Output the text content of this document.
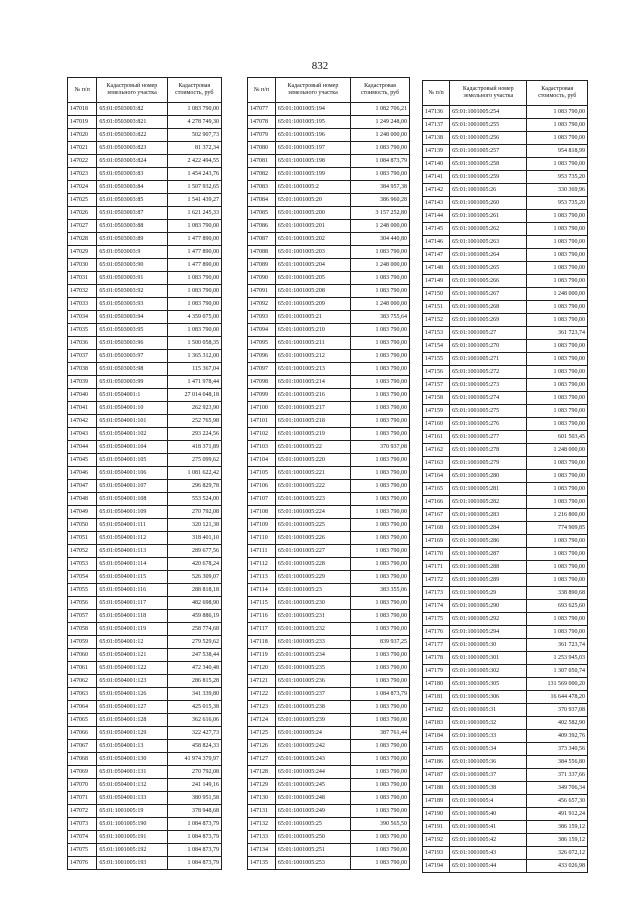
832
№ п/п	Кадастровый номер земельного участка	Кадастровая стоимость, руб
147018	65:01:0503003:82	1 083 790,00
147019	65:01:0503003:821	4 278 749,30
147020	65:01:0503003:822	502 907,73
147021	65:01:0503003:823	81 372,34
147022	65:01:0503003:824	2 422 494,55
147023	65:01:0503003:83	1 454 243,76
147024	65:01:0503003:84	1 507 932,65
147025	65:01:0503003:85	1 541 439,27
147026	65:01:0503003:87	1 621 245,33
147027	65:01:0503003:88	1 083 790,00
147028	65:01:0503003:89	1 477 890,00
147029	65:01:0503003:9	1 477 890,00
147030	65:01:0503003:90	1 477 890,00
147031	65:01:0503003:91	1 083 790,00
147032	65:01:0503003:92	1 083 790,00
147033	65:01:0503003:93	1 083 790,00
147034	65:01:0503003:94	4 359 075,00
147035	65:01:0503003:95	1 083 790,00
147036	65:01:0503003:96	1 500 058,35
147037	65:01:0503003:97	1 365 312,00
147038	65:01:0503003:98	115 367,04
147039	65:01:0503003:99	1 471 978,44
147040	65:01:0504001:1	27 014 048,18
147041	65:01:0504001:10	262 923,90
147042	65:01:0504001:101	252 765,98
147043	65:01:0504001:102	293 224,56
147044	65:01:0504001:104	418 371,89
147045	65:01:0504001:105	275 099,62
147046	65:01:0504001:106	1 081 622,42
147047	65:01:0504001:107	296 829,78
147048	65:01:0504001:108	553 524,00
147049	65:01:0504001:109	270 792,08
147050	65:01:0504001:111	320 121,38
147051	65:01:0504001:112	318 401,10
147052	65:01:0504001:113	289 677,56
147053	65:01:0504001:114	420 678,24
147054	65:01:0504001:115	526 309,07
147055	65:01:0504001:116	288 818,18
147056	65:01:0504001:117	482 698,90
147057	65:01:0504001:118	459 886,19
147058	65:01:0504001:119	258 774,68
147059	65:01:0504001:12	279 529,62
147060	65:01:0504001:121	247 538,44
147061	65:01:0504001:122	472 340,48
147062	65:01:0504001:123	286 815,28
147063	65:01:0504001:126	341 339,80
147064	65:01:0504001:127	425 015,38
147065	65:01:0504001:128	362 616,06
147066	65:01:0504001:129	322 427,73
147067	65:01:0504001:13	458 824,33
147068	65:01:0504001:130	41 974 379,97
147069	65:01:0504001:131	270 792,08
147070	65:01:0504001:132	241 149,16
147071	65:01:0504001:133	380 951,58
147072	65:01:1001005:19	378 948,68
147073	65:01:1001005:190	1 084 873,79
147074	65:01:1001005:191	1 084 873,79
147075	65:01:1001005:192	1 084 873,79
147076	65:01:1001005:193	1 084 873,79
№ п/п	Кадастровый номер земельного участка	Кадастровая стоимость, руб
147077	65:01:1001005:194	1 082 706,21
147078	65:01:1001005:195	1 249 248,00
147079	65:01:1001005:196	1 248 000,00
147080	65:01:1001005:197	1 083 790,00
147081	65:01:1001005:198	1 084 873,79
147082	65:01:1001005:199	1 083 790,00
147083	65:01:1001005:2	384 957,38
147084	65:01:1001005:20	386 960,28
147085	65:01:1001005:200	3 157 252,80
147086	65:01:1001005:201	1 248 000,00
147087	65:01:1001005:202	304 440,80
147088	65:01:1001005:203	1 083 790,00
147089	65:01:1001005:204	1 248 000,00
147090	65:01:1001005:205	1 083 790,00
147091	65:01:1001005:208	1 083 790,00
147092	65:01:1001005:209	1 248 000,00
147093	65:01:1001005:21	383 755,64
147094	65:01:1001005:210	1 083 790,00
147095	65:01:1001005:211	1 083 790,00
147096	65:01:1001005:212	1 083 790,00
147097	65:01:1001005:213	1 083 790,00
147098	65:01:1001005:214	1 083 790,00
147099	65:01:1001005:216	1 083 790,00
147100	65:01:1001005:217	1 083 790,00
147101	65:01:1001005:218	1 083 790,00
147102	65:01:1001005:219	1 083 790,00
147103	65:01:1001005:22	370 937,08
147104	65:01:1001005:220	1 083 790,00
147105	65:01:1001005:221	1 083 790,00
147106	65:01:1001005:222	1 083 790,00
147107	65:01:1001005:223	1 083 790,00
147108	65:01:1001005:224	1 083 790,00
147109	65:01:1001005:225	1 083 790,00
147110	65:01:1001005:226	1 083 790,00
147111	65:01:1001005:227	1 083 790,00
147112	65:01:1001005:228	1 083 790,00
147113	65:01:1001005:229	1 083 790,00
147114	65:01:1001005:23	383 355,06
147115	65:01:1001005:230	1 083 790,00
147116	65:01:1001005:231	1 083 790,00
147117	65:01:1001005:232	1 083 790,00
147118	65:01:1001005:233	839 937,25
147119	65:01:1001005:234	1 083 790,00
147120	65:01:1001005:235	1 083 790,00
147121	65:01:1001005:236	1 083 790,00
147122	65:01:1001005:237	1 084 873,79
147123	65:01:1001005:238	1 083 790,00
147124	65:01:1001005:239	1 083 790,00
147125	65:01:1001005:24	387 761,44
147126	65:01:1001005:242	1 083 790,00
147127	65:01:1001005:243	1 083 790,00
147128	65:01:1001005:244	1 083 790,00
147129	65:01:1001005:245	1 083 790,00
147130	65:01:1001005:248	1 083 790,00
147131	65:01:1001005:249	1 083 790,00
147132	65:01:1001005:25	390 565,50
147133	65:01:1001005:250	1 083 790,00
147134	65:01:1001005:251	1 083 790,00
147135	65:01:1001005:253	1 083 790,00
№ п/п	Кадастровый номер земельного участка	Кадастровая стоимость, руб
147136	65:01:1001005:254	1 083 790,00
147137	65:01:1001005:255	1 083 790,00
147138	65:01:1001005:256	1 083 790,00
147139	65:01:1001005:257	954 818,99
147140	65:01:1001005:258	1 083 790,00
147141	65:01:1001005:259	953 735,20
147142	65:01:1001005:26	330 369,96
147143	65:01:1001005:260	953 735,20
147144	65:01:1001005:261	1 083 790,00
147145	65:01:1001005:262	1 083 790,00
147146	65:01:1001005:263	1 083 790,00
147147	65:01:1001005:264	1 083 790,00
147148	65:01:1001005:265	1 083 790,00
147149	65:01:1001005:266	1 083 790,00
147150	65:01:1001005:267	1 248 000,00
147151	65:01:1001005:268	1 083 790,00
147152	65:01:1001005:269	1 083 790,00
147153	65:01:1001005:27	361 723,74
147154	65:01:1001005:270	1 083 790,00
147155	65:01:1001005:271	1 083 790,00
147156	65:01:1001005:272	1 083 790,00
147157	65:01:1001005:273	1 083 790,00
147158	65:01:1001005:274	1 083 790,00
147159	65:01:1001005:275	1 083 790,00
147160	65:01:1001005:276	1 083 790,00
147161	65:01:1001005:277	601 503,45
147162	65:01:1001005:278	1 248 000,00
147163	65:01:1001005:279	1 083 790,00
147164	65:01:1001005:280	1 083 790,00
147165	65:01:1001005:281	1 083 790,00
147166	65:01:1001005:282	1 083 790,00
147167	65:01:1001005:283	1 216 800,00
147168	65:01:1001005:284	774 909,85
147169	65:01:1001005:286	1 083 790,00
147170	65:01:1001005:287	1 083 790,00
147171	65:01:1001005:288	1 083 790,00
147172	65:01:1001005:289	1 083 790,00
147173	65:01:1001005:29	338 890,68
147174	65:01:1001005:290	693 625,60
147175	65:01:1001005:292	1 083 790,00
147176	65:01:1001005:294	1 083 790,00
147177	65:01:1001005:30	361 723,74
147178	65:01:1001005:301	1 253 945,03
147179	65:01:1001005:302	1 307 050,74
147180	65:01:1001005:305	131 569 000,20
147181	65:01:1001005:306	16 644 478,20
147182	65:01:1001005:31	370 937,08
147183	65:01:1001005:32	402 582,90
147184	65:01:1001005:33	409 392,76
147185	65:01:1001005:34	373 340,56
147186	65:01:1001005:36	384 556,80
147187	65:01:1001005:37	371 337,66
147188	65:01:1001005:38	349 706,34
147189	65:01:1001005:4	456 657,30
147190	65:01:1001005:40	491 912,24
147191	65:01:1001005:41	386 159,12
147192	65:01:1001005:42	386 159,12
147193	65:01:1001005:43	326 072,12
147194	65:01:1001005:44	433 026,98
